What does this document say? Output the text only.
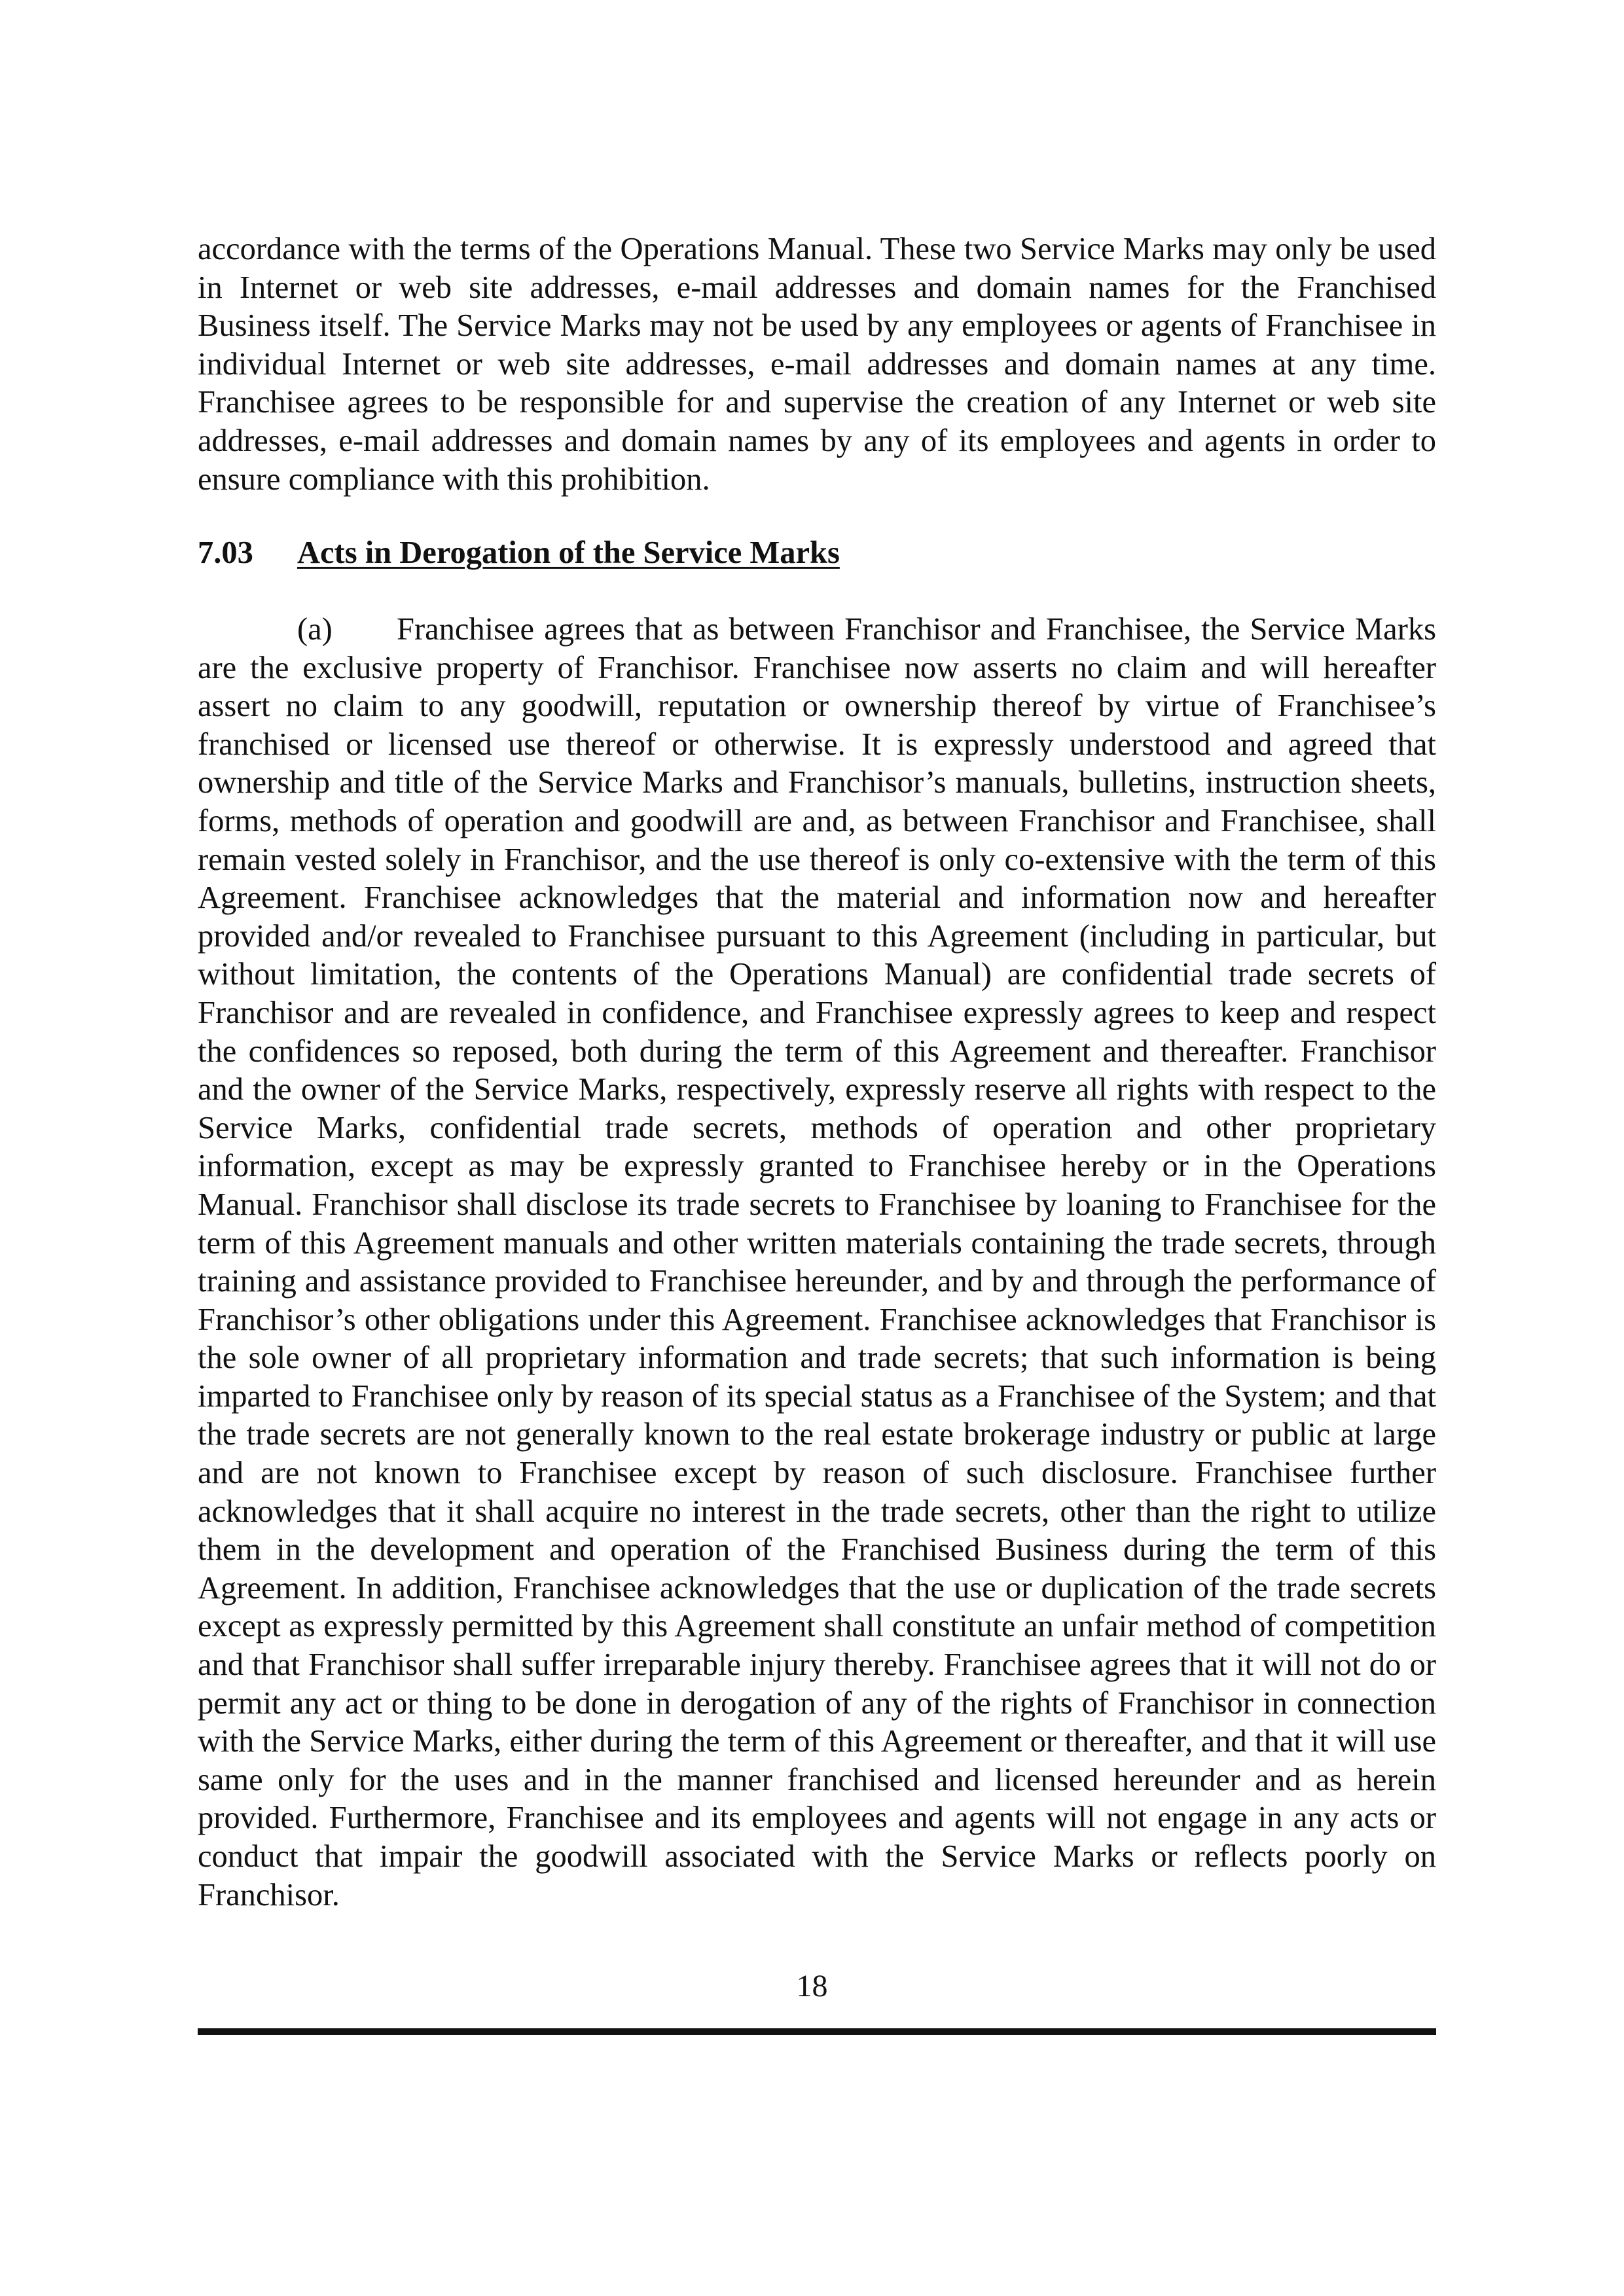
accordance with the terms of the Operations Manual. These two Service Marks may only be used in Internet or web site addresses, e-mail addresses and domain names for the Franchised Business itself. The Service Marks may not be used by any employees or agents of Franchisee in individual Internet or web site addresses, e-mail addresses and domain names at any time. Franchisee agrees to be responsible for and supervise the creation of any Internet or web site addresses, e-mail addresses and domain names by any of its employees and agents in order to ensure compliance with this prohibition.

7.03 Acts in Derogation of the Service Marks

(a) Franchisee agrees that as between Franchisor and Franchisee, the Service Marks are the exclusive property of Franchisor. Franchisee now asserts no claim and will hereafter assert no claim to any goodwill, reputation or ownership thereof by virtue of Franchisee’s franchised or licensed use thereof or otherwise. It is expressly understood and agreed that ownership and title of the Service Marks and Franchisor’s manuals, bulletins, instruction sheets, forms, methods of operation and goodwill are and, as between Franchisor and Franchisee, shall remain vested solely in Franchisor, and the use thereof is only co-extensive with the term of this Agreement. Franchisee acknowledges that the material and information now and hereafter provided and/or revealed to Franchisee pursuant to this Agreement (including in particular, but without limitation, the contents of the Operations Manual) are confidential trade secrets of Franchisor and are revealed in confidence, and Franchisee expressly agrees to keep and respect the confidences so reposed, both during the term of this Agreement and thereafter. Franchisor and the owner of the Service Marks, respectively, expressly reserve all rights with respect to the Service Marks, confidential trade secrets, methods of operation and other proprietary information, except as may be expressly granted to Franchisee hereby or in the Operations Manual. Franchisor shall disclose its trade secrets to Franchisee by loaning to Franchisee for the term of this Agreement manuals and other written materials containing the trade secrets, through training and assistance provided to Franchisee hereunder, and by and through the performance of Franchisor’s other obligations under this Agreement. Franchisee acknowledges that Franchisor is the sole owner of all proprietary information and trade secrets; that such information is being imparted to Franchisee only by reason of its special status as a Franchisee of the System; and that the trade secrets are not generally known to the real estate brokerage industry or public at large and are not known to Franchisee except by reason of such disclosure. Franchisee further acknowledges that it shall acquire no interest in the trade secrets, other than the right to utilize them in the development and operation of the Franchised Business during the term of this Agreement. In addition, Franchisee acknowledges that the use or duplication of the trade secrets except as expressly permitted by this Agreement shall constitute an unfair method of competition and that Franchisor shall suffer irreparable injury thereby. Franchisee agrees that it will not do or permit any act or thing to be done in derogation of any of the rights of Franchisor in connection with the Service Marks, either during the term of this Agreement or thereafter, and that it will use same only for the uses and in the manner franchised and licensed hereunder and as herein provided. Furthermore, Franchisee and its employees and agents will not engage in any acts or conduct that impair the goodwill associated with the Service Marks or reflects poorly on Franchisor.

18
